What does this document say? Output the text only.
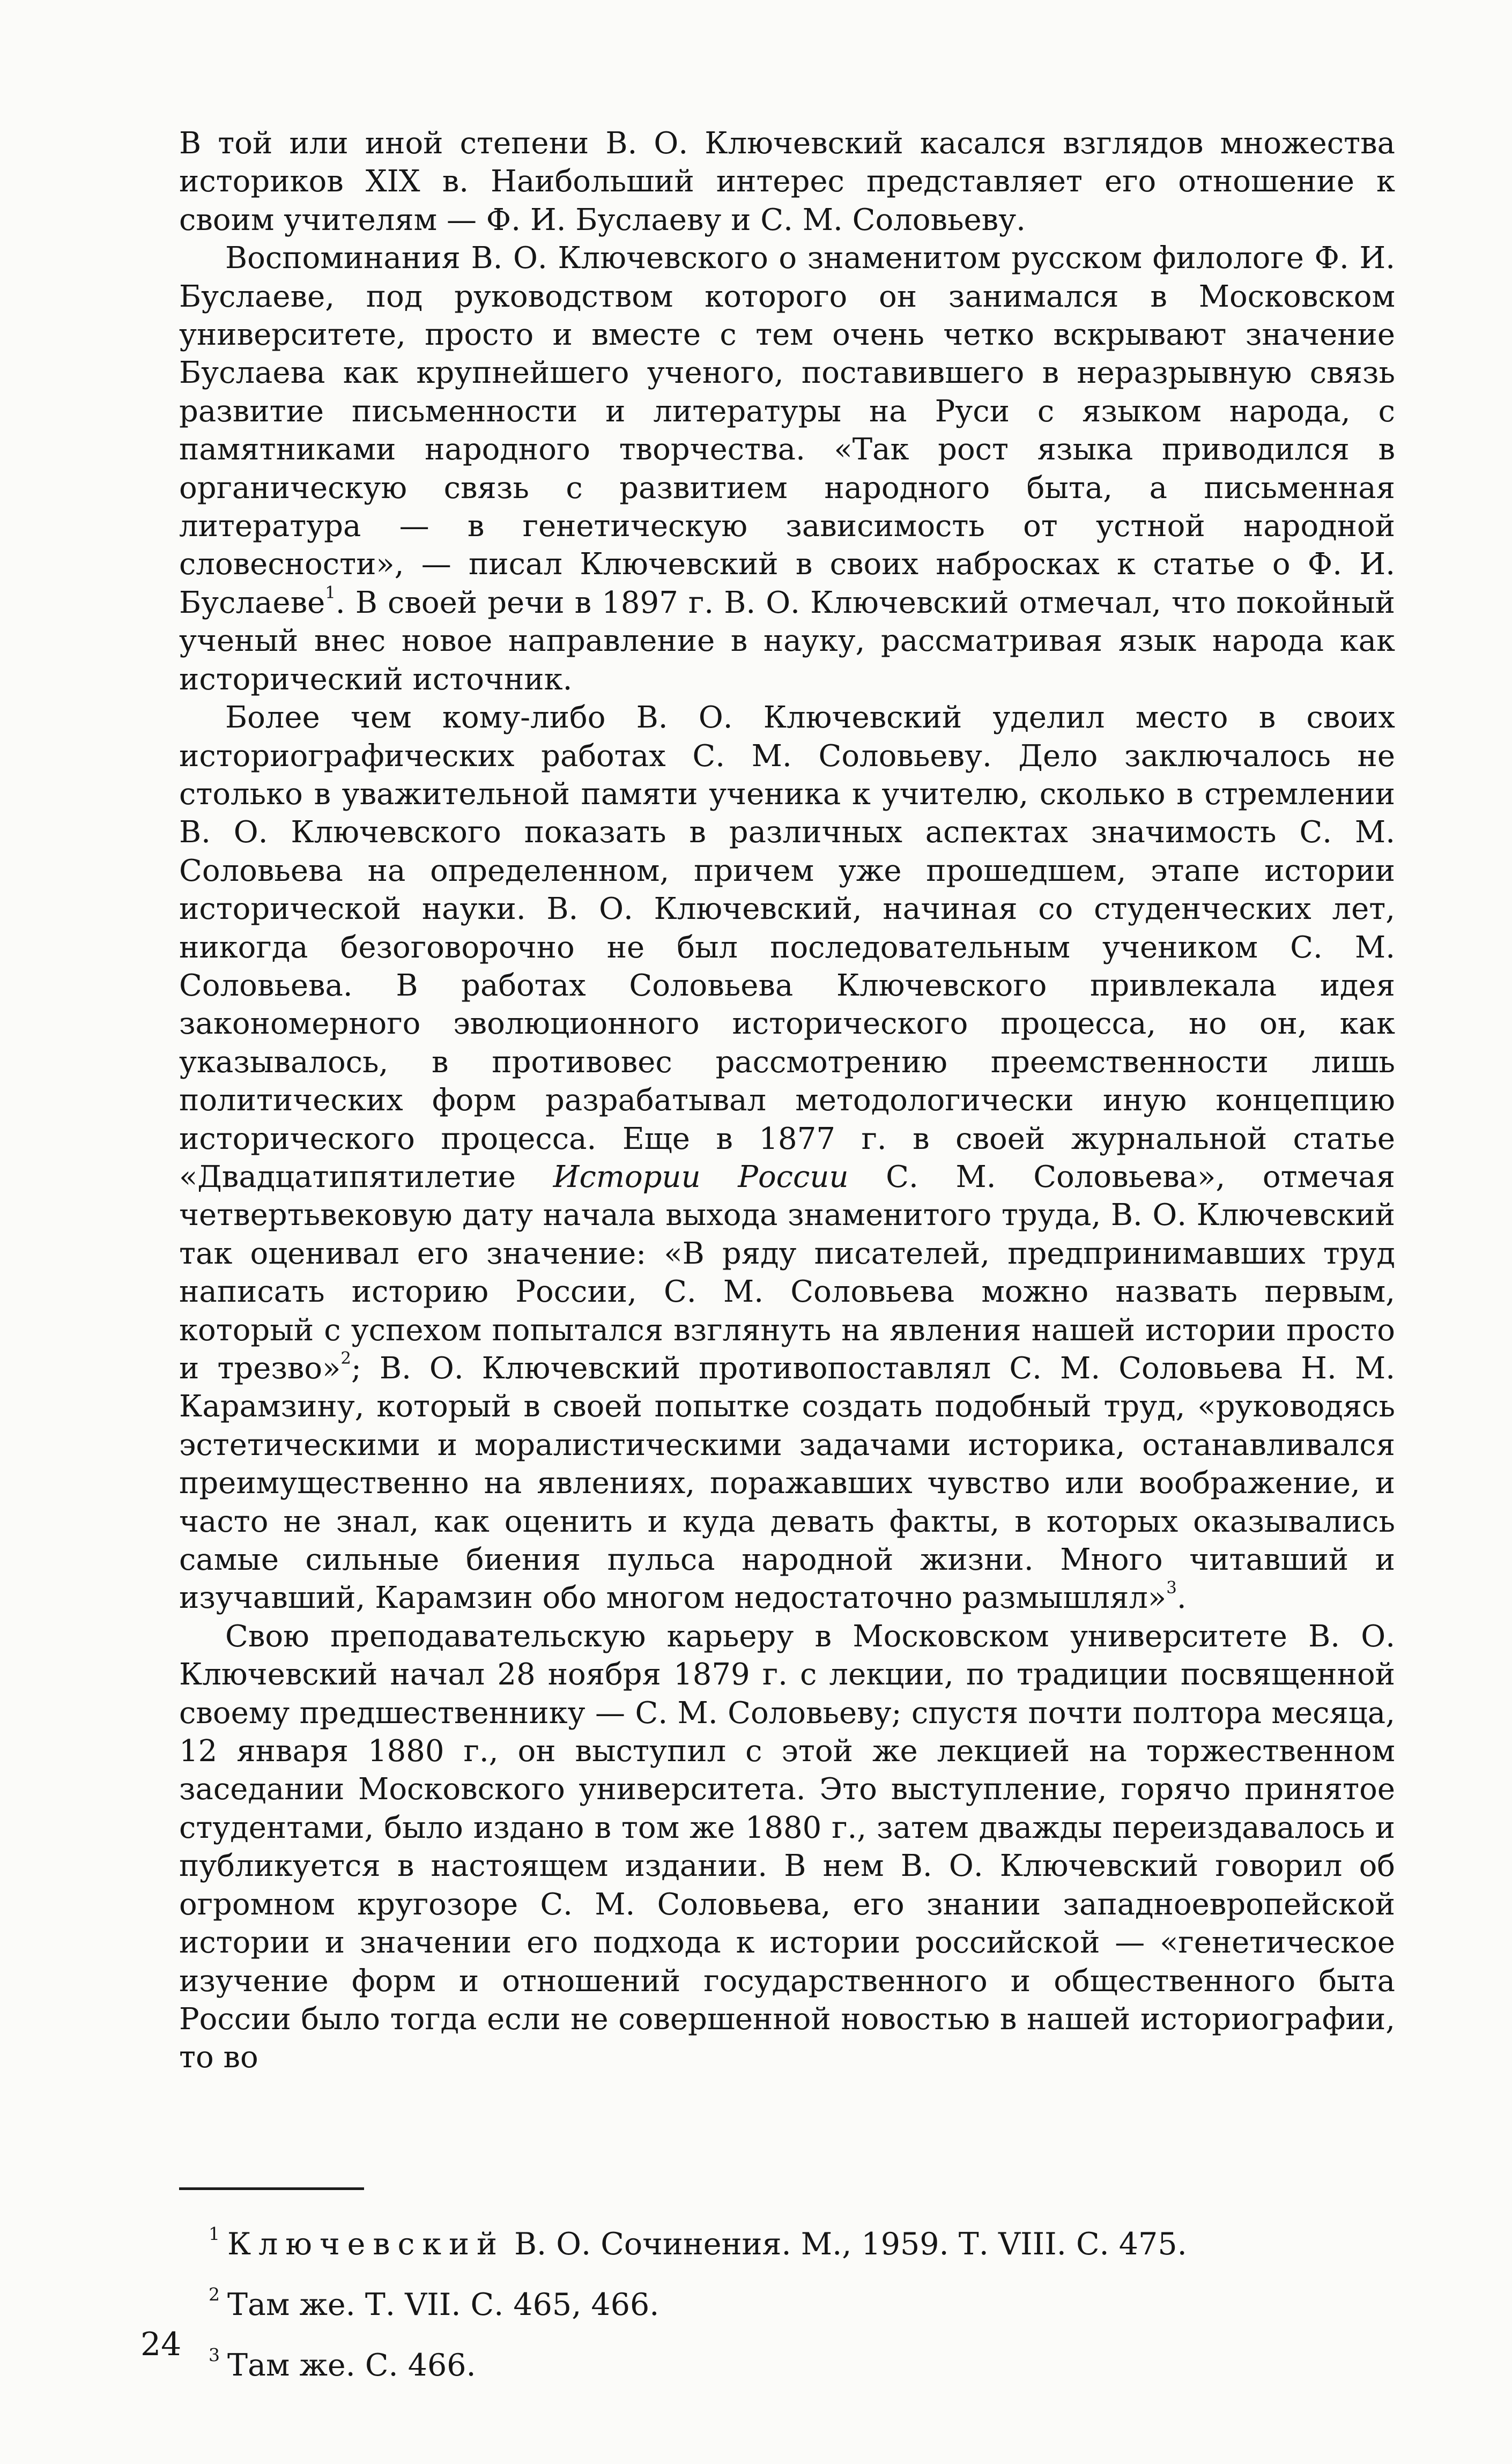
В той или иной степени В. О. Ключевский касался взглядов множества историков XIX в. Наибольший интерес представляет его отношение к своим учителям — Ф. И. Буслаеву и С. М. Соловьеву.

Воспоминания В. О. Ключевского о знаменитом русском филологе Ф. И. Буслаеве, под руководством которого он занимался в Московском университете, просто и вместе с тем очень четко вскрывают значение Буслаева как крупнейшего ученого, поставившего в неразрывную связь развитие письменности и литературы на Руси с языком народа, с памятниками народного творчества. «Так рост языка приводился в органическую связь с развитием народного быта, а письменная литература — в генетическую зависимость от устной народной словесности», — писал Ключевский в своих набросках к статье о Ф. И. Буслаеве$^1$. В своей речи в 1897 г. В. О. Ключевский отмечал, что покойный ученый внес новое направление в науку, рассматривая язык народа как исторический источник.

Более чем кому-либо В. О. Ключевский уделил место в своих историографических работах С. М. Соловьеву. Дело заключалось не столько в уважительной памяти ученика к учителю, сколько в стремлении В. О. Ключевского показать в различных аспектах значимость С. М. Соловьева на определенном, причем уже прошедшем, этапе истории исторической науки. В. О. Ключевский, начиная со студенческих лет, никогда безоговорочно не был последовательным учеником С. М. Соловьева. В работах Соловьева Ключевского привлекала идея закономерного эволюционного исторического процесса, но он, как указывалось, в противовес рассмотрению преемственности лишь политических форм разрабатывал методологически иную концепцию исторического процесса. Еще в 1877 г. в своей журнальной статье «Двадцатипятилетие Истории России С. М. Соловьева», отмечая четвертьвековую дату начала выхода знаменитого труда, В. О. Ключевский так оценивал его значение: «В ряду писателей, предпринимавших труд написать историю России, С. М. Соловьева можно назвать первым, который с успехом попытался взглянуть на явления нашей истории просто и трезво»$^2$; В. О. Ключевский противопоставлял С. М. Соловьева Н. М. Карамзину, который в своей попытке создать подобный труд, «руководясь эстетическими и моралистическими задачами историка, останавливался преимущественно на явлениях, поражавших чувство или воображение, и часто не знал, как оценить и куда девать факты, в которых оказывались самые сильные биения пульса народной жизни. Много читавший и изучавший, Карамзин обо многом недостаточно размышлял»$^3$.

Свою преподавательскую карьеру в Московском университете В. О. Ключевский начал 28 ноября 1879 г. с лекции, по традиции посвященной своему предшественнику — С. М. Соловьеву; спустя почти полтора месяца, 12 января 1880 г., он выступил с этой же лекцией на торжественном заседании Московского университета. Это выступление, горячо принятое студентами, было издано в том же 1880 г., затем дважды переиздавалось и публикуется в настоящем издании. В нем В. О. Ключевский говорил об огромном кругозоре С. М. Соловьева, его знании западноевропейской истории и значении его подхода к истории российской — «генетическое изучение форм и отношений государственного и общественного быта России было тогда если не совершенной новостью в нашей историографии, то во

1 Ключевский В. О. Сочинения. М., 1959. Т. VIII. С. 475.

2 Там же. Т. VII. С. 465, 466.

3 Там же. С. 466.

24
